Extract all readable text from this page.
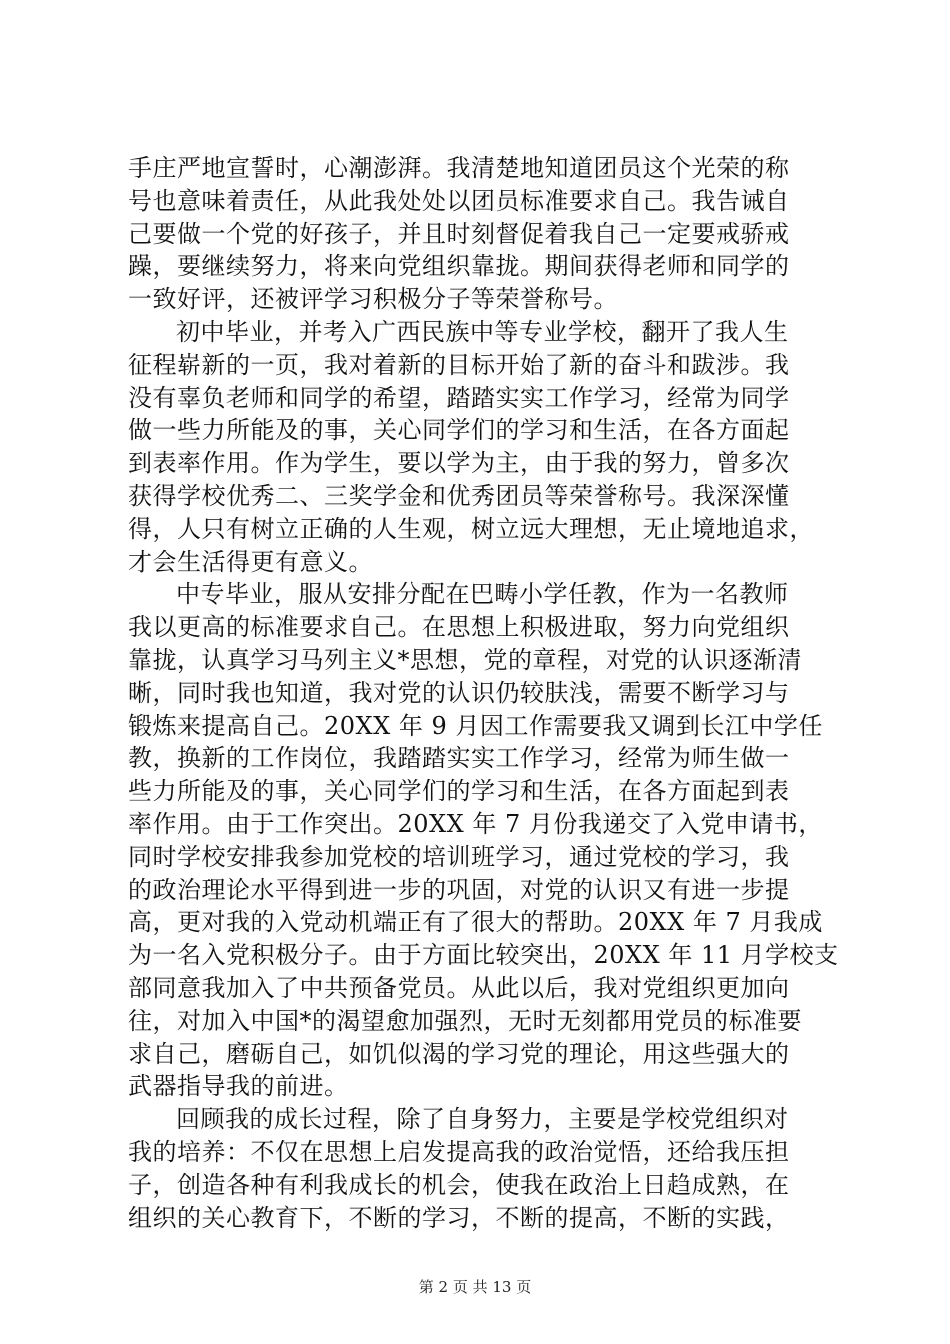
手庄严地宣誓时，心潮澎湃。我清楚地知道团员这个光荣的称
号也意味着责任，从此我处处以团员标准要求自己。我告诫自
己要做一个党的好孩子，并且时刻督促着我自己一定要戒骄戒
躁，要继续努力，将来向党组织靠拢。期间获得老师和同学的
一致好评，还被评学习积极分子等荣誉称号。
初中毕业，并考入广西民族中等专业学校，翻开了我人生
征程崭新的一页，我对着新的目标开始了新的奋斗和跋涉。我
没有辜负老师和同学的希望，踏踏实实工作学习，经常为同学
做一些力所能及的事，关心同学们的学习和生活，在各方面起
到表率作用。作为学生，要以学为主，由于我的努力，曾多次
获得学校优秀二、三奖学金和优秀团员等荣誉称号。我深深懂
得，人只有树立正确的人生观，树立远大理想，无止境地追求，
才会生活得更有意义。
中专毕业，服从安排分配在巴畴小学任教，作为一名教师
我以更高的标准要求自己。在思想上积极进取，努力向党组织
靠拢，认真学习马列主义*思想，党的章程，对党的认识逐渐清
晰，同时我也知道，我对党的认识仍较肤浅，需要不断学习与
锻炼来提高自己。20XX 年 9 月因工作需要我又调到长江中学任
教，换新的工作岗位，我踏踏实实工作学习，经常为师生做一
些力所能及的事，关心同学们的学习和生活，在各方面起到表
率作用。由于工作突出。20XX 年 7 月份我递交了入党申请书，
同时学校安排我参加党校的培训班学习，通过党校的学习，我
的政治理论水平得到进一步的巩固，对党的认识又有进一步提
高，更对我的入党动机端正有了很大的帮助。20XX 年 7 月我成
为一名入党积极分子。由于方面比较突出，20XX 年 11 月学校支
部同意我加入了中共预备党员。从此以后，我对党组织更加向
往，对加入中国*的渴望愈加强烈，无时无刻都用党员的标准要
求自己，磨砺自己，如饥似渴的学习党的理论，用这些强大的
武器指导我的前进。
回顾我的成长过程，除了自身努力，主要是学校党组织对
我的培养：不仅在思想上启发提高我的政治觉悟，还给我压担
子，创造各种有利我成长的机会，使我在政治上日趋成熟，在
组织的关心教育下，不断的学习，不断的提高，不断的实践，
第 2 页 共 13 页
